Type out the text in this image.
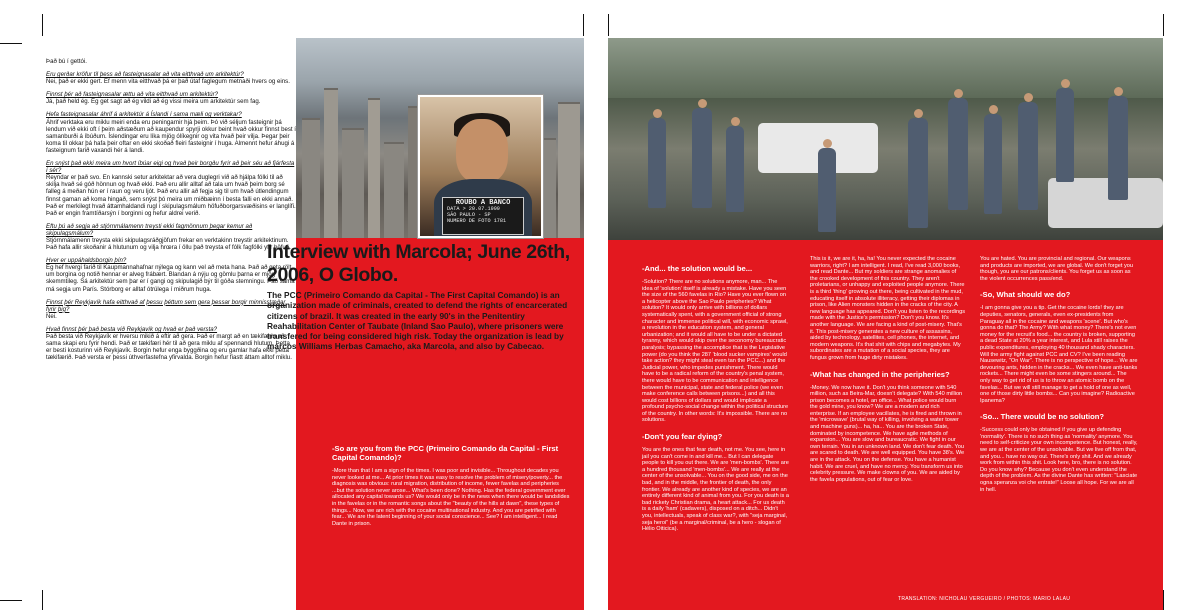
Það bú í gettói.

Eru gerðar kröfur til þess að fasteignasalar að vita eitthvað um arkitektúr?
Nei, það er ekki gert. Ef menn vita eitthvað þá er það útaf faglegum metnaði hvers og eins.

Finnst þér að fasteignasalar ættu að vita eitthvað um arkitektúr?
Já, það held ég. Ég get sagt að ég vildi að ég vissi meira um arkitektúr sem fag.

Hefa fasteignasalar áhrif á arkitektúr á Íslandi í sama mæli og verktakar?
Áhrif verktaka eru miklu meiri enda eru peningarnir hjá þeim. Þó við séljum fasteignir þá lendum við ekki oft í þeim aðstæðum að kaupendur spyrji okkur beint hvað okkur finnst best í samanburði á íbúðum. Íslendingar eru líka mjög ólíkegnir og vita hvað þeir vilja. Þegar þeir koma til okkar þá hafa þeir oftar en ekki skoðað fleiri fasteignir í huga. Almennt hefur áhugi á fasteignum farið vaxandi hér á landi.

En snýst það ekki meira um hvort íbúar eigi og hvað þeir borgðu fyrir að þeir séu að fjárfesta í sér?
Reyndar er það svo. En kannski setur arkitektar að vera duglegri við að hjálpa fólki til að skilja hvað sé góð hönnun og hvað ekki. Það eru allir alltaf að tala um hvað þeim borg sé falleg á meðan hún er í raun og veru ljót. Það eru allir að fegja sig til um hvað útlendingum finnst gaman að koma hingað, sem snýst þó meira um miðbæinn í besta falli en ekki annað. Það er merkilegt hvað áttamhaldandi rugl í skipulagsmálum höfuðborgarsvæðisins er langlífi. Það er engin framtíðarsýn í borginni og hefur aldrei verið.

Eftu þú að segja að stjórnmálamenn treysti ekki fagmönnum þegar kemur að skipulagsmálum?
Stjórnmálamenn treysta ekki skipulagsráðgjöfum frekar en verktakinn treystir arkitektinum. Það hafa allir skoðanir á hlutunum og vilja hrœra í öllu það treysta ef fólk fagfólki yfir höfuð.

Hver er uppáhaldsborgin þín?
Ég hef hvergi farið til Kaupmannahafnar nýlega og kann vel að meta hana. Það að geta rölt um borgina og notið hennar er alveg frábært. Blandan á nýju og gömlu þarna er mjög skemmtileg. Sá arkitektúr sem þar er í gangi og skipulagið býr til góða stemningu. Það sama má segja um París. Stórborg er alltaf ótrúlega í miðrum huga.

Finnst þér Reykjavík hafa eitthvað af þessu þéttum sem gera þessar borgir minnisstæðar fyrir þig?
Nei.

Hvað finnst þér það besta við Reykjavík og hvað er það versta?
Það besta við Reykjavík er hversu mikið á eftir að gera. Það er margt að en tækifærin að sama skapi eru fyrir hendi. Það er tækifæri hér til að gera miklu af spennandi hlutum. Þetta er besti kosturinn við Reykjavík. Borgin hefur enga byggðina og eru gamlar hafa ekki þetta tækifærið. Það versta er þessi úthverfastefna yfirvalda. Borgin hefur fiastt áttam alltof miklu.

ROUBO A BANCO
DATA > 20.07.1999
SÃO PAULO - SP
NUMERO DE FOTO 1781
Interview with Marcola; June 26th, 2006, O Globo.
The PCC (Primeiro Comando da Capital - The First Capital Comando) is an organization made of criminals, created to defend the rights of encarcerated citizens of brazil. It was created in the early 90's in the Penitentiry Reahabilitation Center of Taubate (Inland Sao Paulo), where prisoners were transfered for being considered high risk. Today the organization is lead by marcos Williams Herbas Camacho, aka Marcola, and also by Cabecao.
-So are you from the PCC (Primeiro Comando da Capital - First Capital Comando)?
-More than that I am a sign of the times. I was poor and invisible... Throughout decades you never looked at me... At prior times it was easy to resolve the problem of misery/poverty... the diagnosis was obvious: rural migration, distribution of income, fewer favelas and peripheries ...but the solution never arose... What's been done? Nothing. Has the federal government ever allocated any capital towards us? We would only be in the news when there would be landslides in the favelas or in the romantic songs about the "beauty of the hills at dawn", these types of things... Now, we are rich with the cocaine multinational industry. And you are petrified with fear... We are the latent beginning of your social conscience... See? I am intelligent... I read Dante in prison.
-And... the solution would be...
-Solution? There are no solutions anymore, man... The idea of 'solution' itself is already a mistake. Have you seen the size of the 560 favelas in Rio? Have you ever flown on a helicopter above the Sao Paulo peripheries? What solution? It would only arrive with billions of dollars systematically spent, with a government official of strong character and immense political will, with economic sprawl, a revolution in the education system, and general urbanization; and it would all have to be under a dictated tyranny, which would skip over the seconomy bureaucratic paralysis; bypassing the accomplice that is the Legislative power (do you think the 287 'blood sucker vampires' would take action? they might steal even tan the PCC...) and the Judicial power, who impedes punishment. There would have to be a radical reform of the country's penal system, there would have to be communication and intelligence between the municipal, state and federal police (we even make conference calls between prisons...) and all this would cost billions of dollars and would implicate a profound psycho-social change within the political structure of the country. In other words: It's impossible. There are no solutions.
-Don't you fear dying?
You are the ones that fear death, not me. You see, here in jail you can't come in and kill me... But I can delegate people to kill you out there. We are 'men-bombs'. There are a hundred thousand 'men-bombs'... We are really at the center of the unsolvable... You on the good side, me on the bad, and in the middle, the frontier of death, the only frontier. We already are another kind of species, we are an entirely different kind of animal from you. For you death is a bad rickety Christian drama, a heart attack... For us death is a daily 'ham' (cadavers), disposed on a ditch... Didn't you, intellectuals, speak of class war?, with "seja marginal, seja heroi" (be a marginal/criminal, be a hero - slogan of Hélio Oiticica).
This is it, we are it, ha, ha! You never expected the cocaine warriors, right? I am intelligent. I read, I've read 3,000 books, and read Dante... But my soldiers are strange anomalies of the crooked development of this country. They aren't proletarians, or unhappy and exploited people anymore. There is a third 'thing' growing out there, being cultivated in the mud, educating itself in absolute illiteracy, getting their diplomas in prison, like Alien monsters hidden in the cracks of the city. A new language has appeared. Don't you listen to the recordings made with the Justice's permission? Don't you know. It's another language. We are facing a kind of post-misery. That's it. This post-misery generates a new culture of assassins, aided by technology, satellites, cell phones, the internet, and modern weapons. It's that shit with chips and megabytes. My subordinates are a mutation of a social species, they are fungus grown from huge dirty mistakes.
-What has changed in the peripheries?
-Money. We now have it. Don't you think someone with 540 million, such as Beira-Mar, doesn't delegate? With 540 million prison becomes a hotel, an office... What police would burn the gold mine, you know? We are a modern and rich enterprise. If an employee vacillates, he is fired and thrown in the 'microwave' (brutal way of killing, involving a water tower and machine guns)... ha, ha... You are the broken State, dominated by incompetence. We have agile methods of expansion... You are slow and bureaucratic. We fight in our own terrain. You in an unknown land. We don't fear death. You are scared to death. We are well equipped. You have 38's. We are in the attack. You on the defense. You have a humanist habit. We are cruel, and have no mercy. You transform us into celebrity pressure. We make clowns of you. We are aided by the favela populations, out of fear or love.
You are hated. You are provincial and regional. Our weapons and products are imported, we are global. We don't forget you though, you are our patrons/clients. You forget us as soon as the violent occurrences pass/end.
-So, What should we do?
-I am gonna give you a tip. Get the cocaine lords! they are deputies, senators, generals, even ex-presidents from Paraguay all in the cocaine and weapons 'scene'. But who's gonna do that? The Army? With what money? There's not even money for the recruit's food... the country is broken, supporting a dead State at 20% a year interest, and Lula still raises the public expenditures, employing 40 thousand shady characters. Will the army fight against PCC and CV? I've been reading Nausewitz, "On War". There is no perspective of hope... We are devouring ants, hidden in the cracks... We even have anti-tanks rockets... There might even be some stingers around... The only way to get rid of us is to throw an atomic bomb on the favelas... But we will still manage to get a hold of one as well, one of those dirty little bombs... Can you imagine? Radioactive Ipanema?
-So... There would be no solution?
-Success could only be obtained if you give up defending 'normality'. There is no such thing as 'normality' anymore. You need to self-criticize your own incompetence. But honest, really, we are at the center of the unsolvable. But we live off from that, and you... have no way out. There's only shit. And we already work from within this shit. Look here, bro, there is no solution. Do you know why? Because you don't even understand the depth of the problem. As the divine Dante has written: "Lasciate ogna speranza voi che entrate!" Loose all hope. For we are all in hell.
TRANSLATION: NICHOLAU VERGUEIRO / PHOTOS: MARIO LALAU
